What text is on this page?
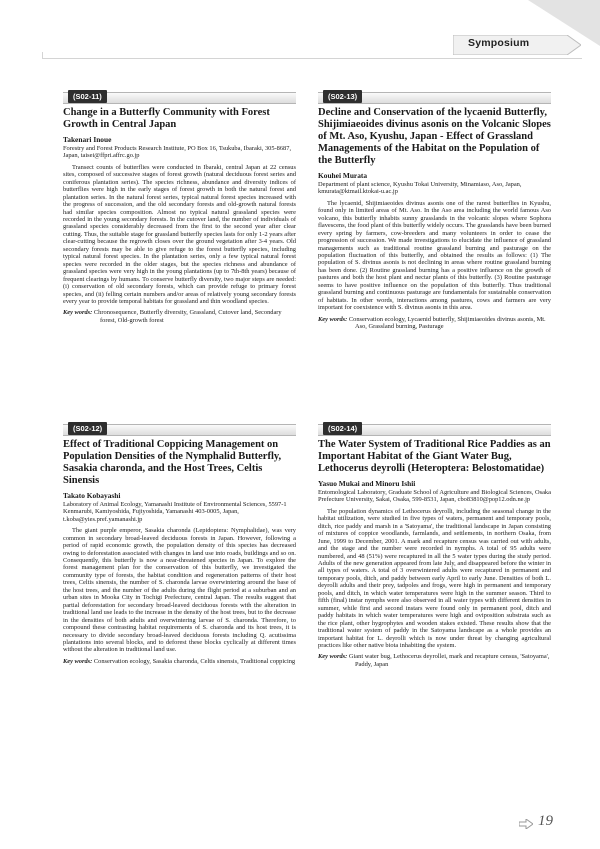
Symposium
(S02-11)
Change in a Butterfly Community with Forest Growth in Central Japan
Takenari Inoue
Forestry and Forest Products Research Institute, PO Box 16, Tsukuba, Ibaraki, 305-8687, Japan, taisei@ffpri.affrc.go.jp
Transect counts of butterflies were conducted in Ibaraki, central Japan at 22 census sites, composed of successive stages of forest growth (natural deciduous forest series and coniferous plantation series). The species richness, abundance and diversity indices of butterflies were high in the early stages of forest growth in both the natural forest and plantation series. In the natural forest series, typical natural forest species increased with the progress of succession, and the old secondary forests and old-growth natural forests had similar species composition. Almost no typical natural grassland species were recorded in the young secondary forests. In the cutover land, the number of individuals of grassland species considerably decreased from the first to the second year after clear cutting. Thus, the suitable stage for grassland butterfly species lasts for only 1-2 years after clear-cutting because the regrowth closes over the ground vegetation after 3-4 years. Old secondary forests may be able to give refuge to the forest butterfly species, including typical natural forest species. In the plantation series, only a few typical natural forest species were recorded in the older stages, but the species richness and abundance of grassland species were very high in the young plantations (up to 7th-8th years) because of frequent clearings by humans. To conserve butterfly diversity, two major steps are needed: (i) conservation of old secondary forests, which can provide refuge to primary forest species, and (ii) felling certain numbers and/or areas of relatively young secondary forests every year to provide temporal habitats for grassland and thin woodland species.
Key words: Chronosequence, Butterfly diversity, Grassland, Cutover land, Secondary forest, Old-growth forest
(S02-13)
Decline and Conservation of the lycaenid Butterfly, Shijimiaeoides divinus asonis on the Volcanic Slopes of Mt. Aso, Kyushu, Japan - Effect of Grassland Managements of the Habitat on the Population of the Butterfly
Kouhei Murata
Department of plant science, Kyushu Tokai University, Minamiaso, Aso, Japan, kmurata@ktmail.ktokai-u.ac.jp
The lycaenid, Shijimiaeoides divinus asonis one of the rarest butterflies in Kyushu, found only in limited areas of Mt. Aso. In the Aso area including the world famous Aso volcano, this butterfly inhabits sunny grasslands in the volcanic slopes where Sophora flavescens, the food plant of this butterfly widely occurs. The grasslands have been burned every spring by farmers, cow-breeders and many volunteers in order to cease the progression of succession. We made investigations to elucidate the influence of grassland managements such as traditional routine grassland burning and pasturage on the population fluctuation of this butterfly, and obtained the results as follows: (1) The population of S. divinus asonis is not declining in areas where routine grassland burning has been done. (2) Routine grassland burning has a positive influence on the growth of pastures and both the host plant and nectar plants of this butterfly. (3) Routine pasturage seems to have positive influence on the population of this butterfly. Thus traditional grassland burning and continuous pasturage are fundamentals for sustainable conservation of habitats. In other words, interactions among pastures, cows and farmers are very important for coexistence with S. divinus asonis in this area.
Key words: Conservation ecology, Lycaenid butterfly, Shijimiaeoides divinus asonis, Mt. Aso, Grassland burning, Pasturage
(S02-12)
Effect of Traditional Coppicing Management on Population Densities of the Nymphalid Butterfly, Sasakia charonda, and the Host Trees, Celtis Sinensis
Takato Kobayashi
Laboratory of Animal Ecology, Yamanashi Institute of Environmental Sciences, 5597-1 Kenmarubi, Kamiyoshida, Fujiyoshida, Yamanashi 403-0005, Japan, t.koba@yies.pref.yamanashi.jp
The giant purple emperor, Sasakia charonda (Lepidoptera: Nymphalidae), was very common in secondary broad-leaved deciduous forests in Japan. However, following a period of rapid economic growth, the population density of this species has decreased owing to deforestation associated with changes in land use into roads, buildings and so on. Consequently, this butterfly is now a near-threatened species in Japan. To explore the forest management plan for the conservation of this butterfly, we investigated the community type of forests, the habitat condition and regeneration patterns of their host trees, Celtis sinensis, the number of S. charonda larvae overwintering around the base of the host trees, and the number of the adults during the flight period at a suburban and an urban sites in Mooka City in Tochigi Prefecture, central Japan. The results suggest that partial deforestation for secondary broad-leaved deciduous forests with the alteration in traditional land use leads to the increase in the density of the host trees, but to the decrease in the densities of both adults and overwintering larvae of S. charonda. Therefore, to compound these contrasting habitat requirements of S. charonda and its host trees, it is necessary to divide secondary broad-leaved deciduous forests including Q. acutissima plantations into several blocks, and to deforest these blocks cyclically at different times without the alteration in traditional land use.
Key words: Conservation ecology, Sasakia charonda, Celtis sinensis, Traditional coppicing
(S02-14)
The Water System of Traditional Rice Paddies as an Important Habitat of the Giant Water Bug, Lethocerus deyrolli (Heteroptera: Belostomatidae)
Yasuo Mukai and Minoru Ishii
Entomological Laboratory, Graduate School of Agriculture and Biological Sciences, Osaka Prefecture University, Sakai, Osaka, 599-8531, Japan, cbo83810@pop12.odn.ne.jp
The population dynamics of Lethocerus deyrolli, including the seasonal change in the habitat utilization, were studied in five types of waters, permanent and temporary pools, ditch, rice paddy and marsh in a 'Satoyama', the traditional landscape in Japan consisting of mixtures of coppice woodlands, farmlands, and settlements, in northern Osaka, from June, 1999 to December, 2001. A mark and recapture census was carried out with adults, and the stage and the number were recorded in nymphs. A total of 95 adults were numbered, and 48 (51%) were recaptured in all the 5 water types during the study period. Adults of the new generation appeared from late July, and disappeared before the winter in all types of waters. A total of 3 overwintered adults were recaptured in permanent and temporary pools, ditch, and paddy between early April to early June. Densities of both L. deyrolli adults and their prey, tadpoles and frogs, were high in permanent and temporary pools, and ditch, in which water temperatures were high in the summer season. Third to fifth (final) instar nymphs were also observed in all water types with different densities in summer, while first and second instars were found only in permanent pool, ditch and paddy habitats in which water temperatures were high and oviposition substrata such as the rice plant, other hygrophytes and wooden stakes existed. These results show that the traditional water system of paddy in the Satoyama landscape as a whole provides an important habitat for L. deyrolli which is now under threat by changing agricultural practices like other native biota inhabiting the system.
Key words: Giant water bug, Lethocerus deyrollei, mark and recapture census, 'Satoyama', Paddy, Japan
19
